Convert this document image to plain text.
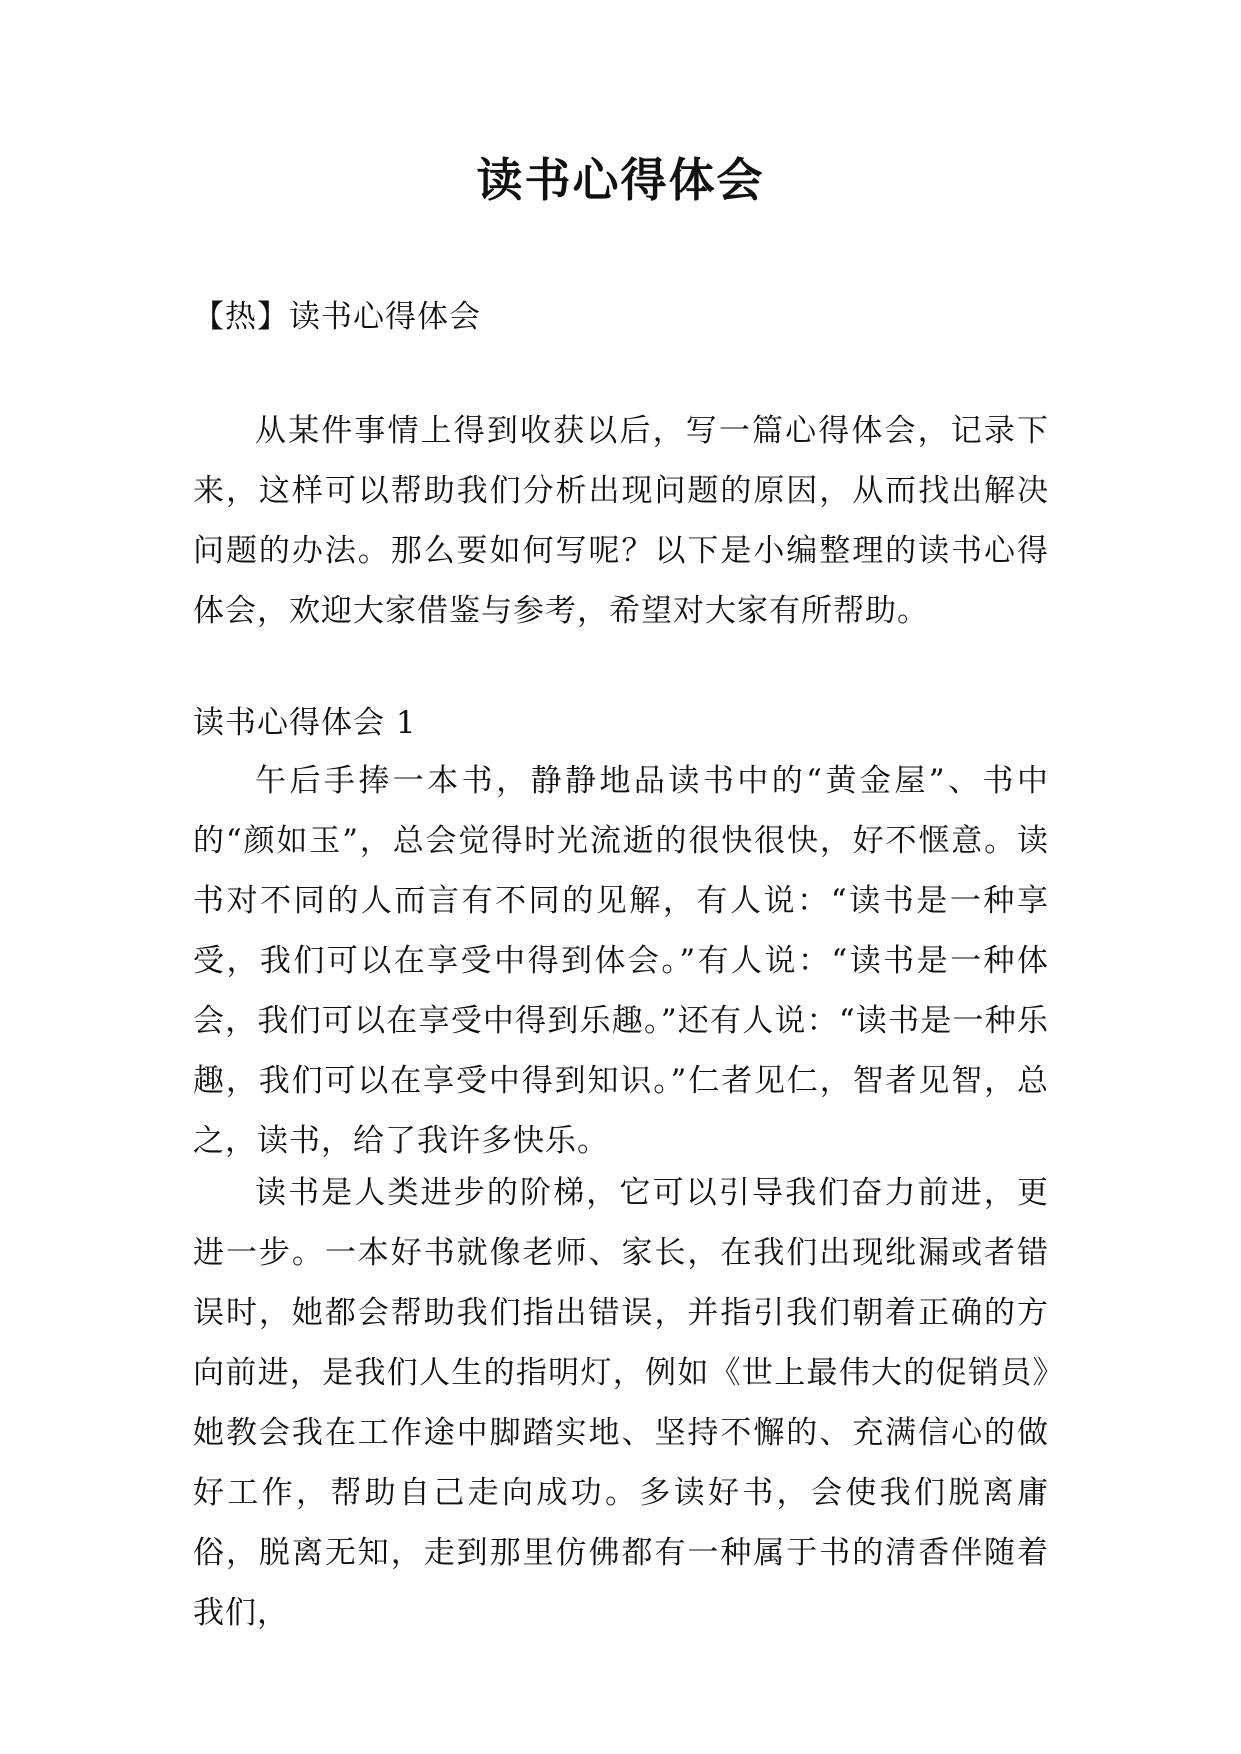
读书心得体会
【热】读书心得体会

从某件事情上得到收获以后，写一篇心得体会，记录下来，这样可以帮助我们分析出现问题的原因，从而找出解决问题的办法。那么要如何写呢？以下是小编整理的读书心得体会，欢迎大家借鉴与参考，希望对大家有所帮助。

读书心得体会 1

午后手捧一本书，静静地品读书中的“黄金屋”、书中的“颜如玉”，总会觉得时光流逝的很快很快，好不惬意。读书对不同的人而言有不同的见解，有人说：“读书是一种享受，我们可以在享受中得到体会。”有人说：“读书是一种体会，我们可以在享受中得到乐趣。”还有人说：“读书是一种乐趣，我们可以在享受中得到知识。”仁者见仁，智者见智，总之，读书，给了我许多快乐。

读书是人类进步的阶梯，它可以引导我们奋力前进，更进一步。一本好书就像老师、家长，在我们出现纰漏或者错误时，她都会帮助我们指出错误，并指引我们朝着正确的方向前进，是我们人生的指明灯，例如《世上最伟大的促销员》她教会我在工作途中脚踏实地、坚持不懈的、充满信心的做好工作，帮助自己走向成功。多读好书，会使我们脱离庸俗，脱离无知，走到那里仿佛都有一种属于书的清香伴随着我们，
